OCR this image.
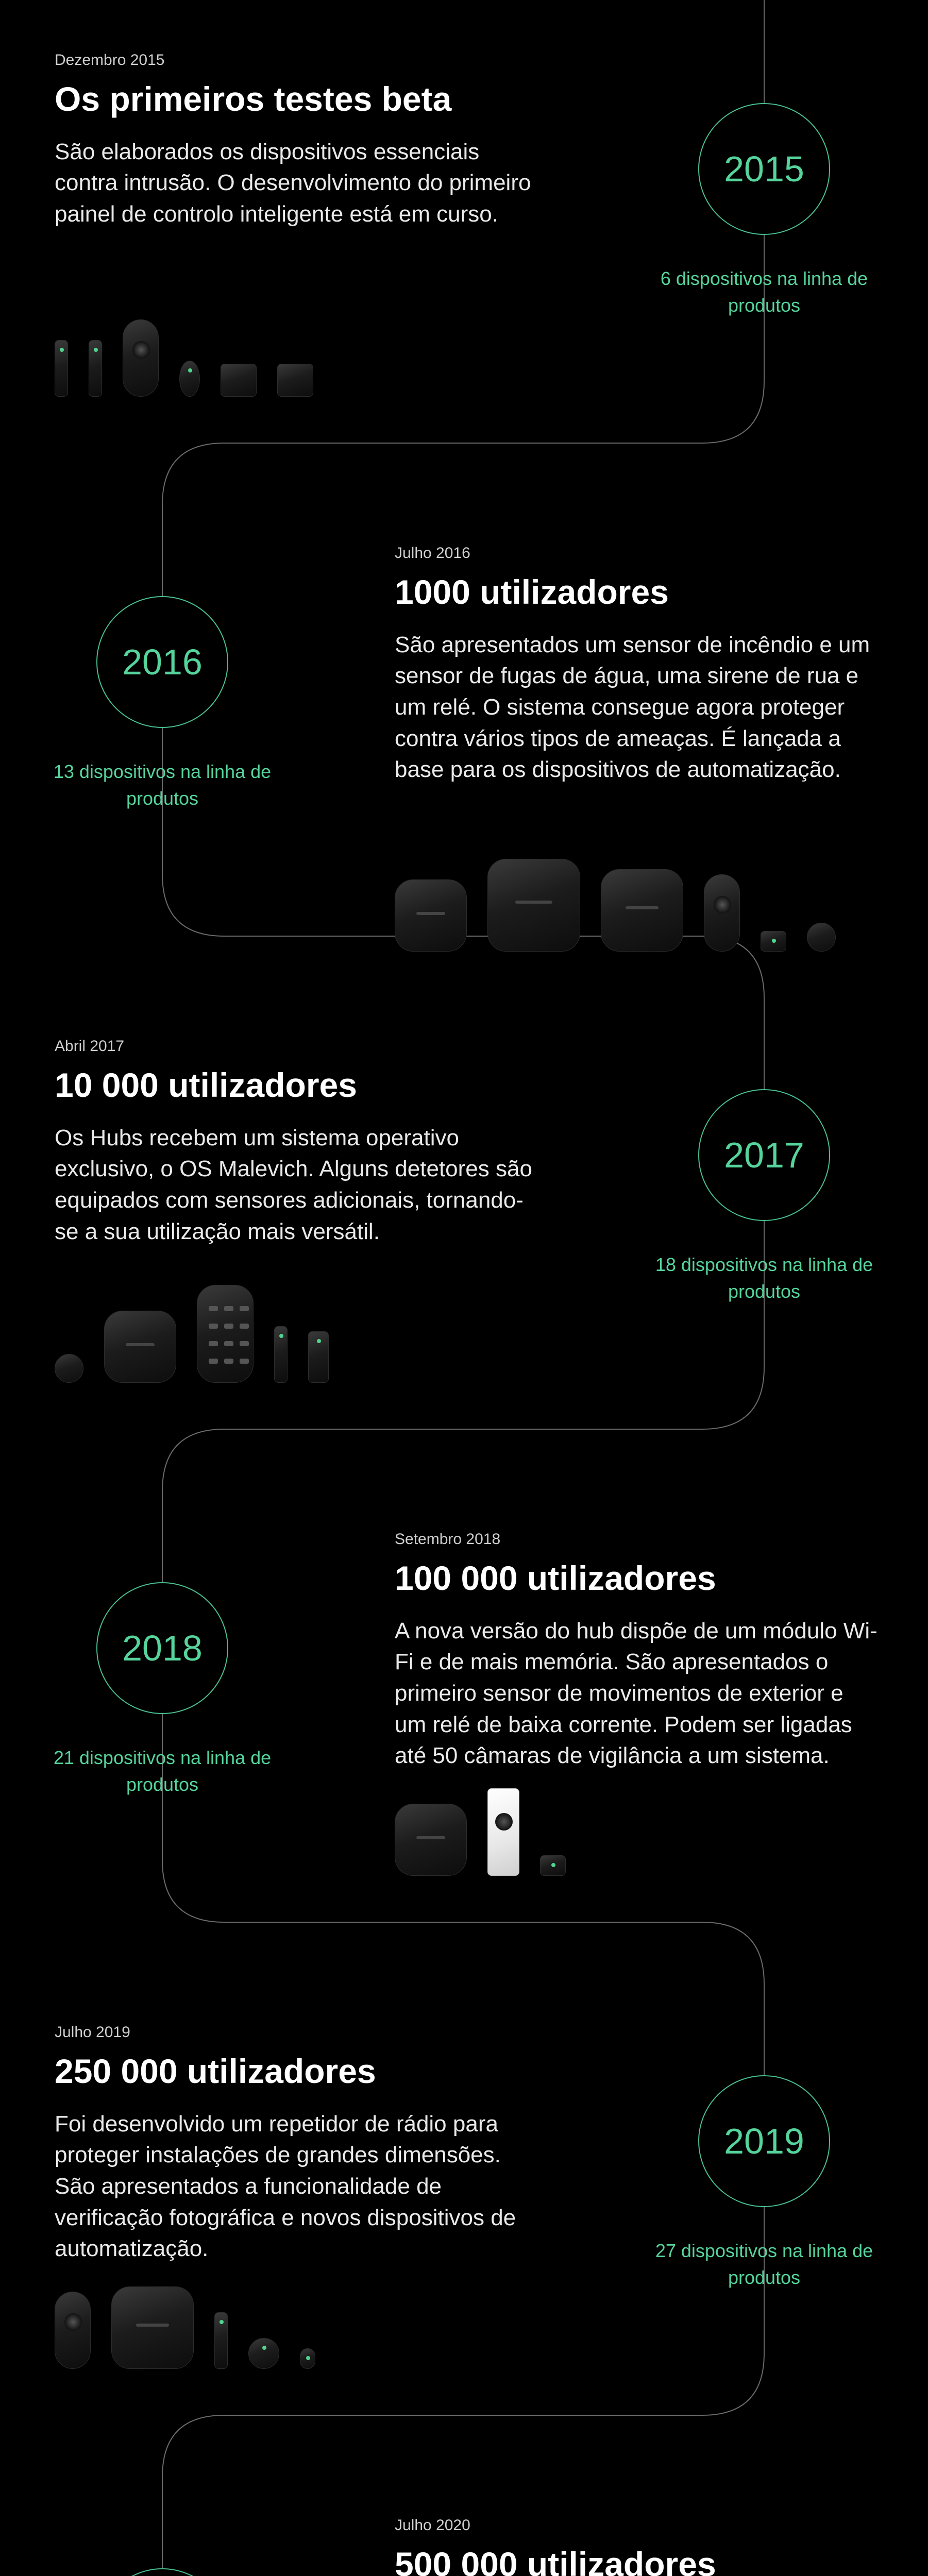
Dezembro 2015

Os primeiros testes beta

São elaborados os dispositivos essenciais contra intrusão. O desenvolvimento do primeiro painel de controlo inteligente está em curso.

2015
6 dispositivos na linha de produtos

Julho 2016

1000 utilizadores

São apresentados um sensor de incêndio e um sensor de fugas de água, uma sirene de rua e um relé. O sistema consegue agora proteger contra vários tipos de ameaças. É lançada a base para os dispositivos de automatização.

2016
13 dispositivos na linha de produtos

Abril 2017

10 000 utilizadores

Os Hubs recebem um sistema operativo exclusivo, o OS Malevich. Alguns detetores são equipados com sensores adicionais, tornando-se a sua utilização mais versátil.

2017
18 dispositivos na linha de produtos

Setembro 2018

100 000 utilizadores

A nova versão do hub dispõe de um módulo Wi-Fi e de mais memória. São apresentados o primeiro sensor de movimentos de exterior e um relé de baixa corrente. Podem ser ligadas até 50 câmaras de vigilância a um sistema.

2018
21 dispositivos na linha de produtos

Julho 2019

250 000 utilizadores

Foi desenvolvido um repetidor de rádio para proteger instalações de grandes dimensões. São apresentados a funcionalidade de verificação fotográfica e novos dispositivos de automatização.

2019
27 dispositivos na linha de produtos

Julho 2020

500 000 utilizadores
